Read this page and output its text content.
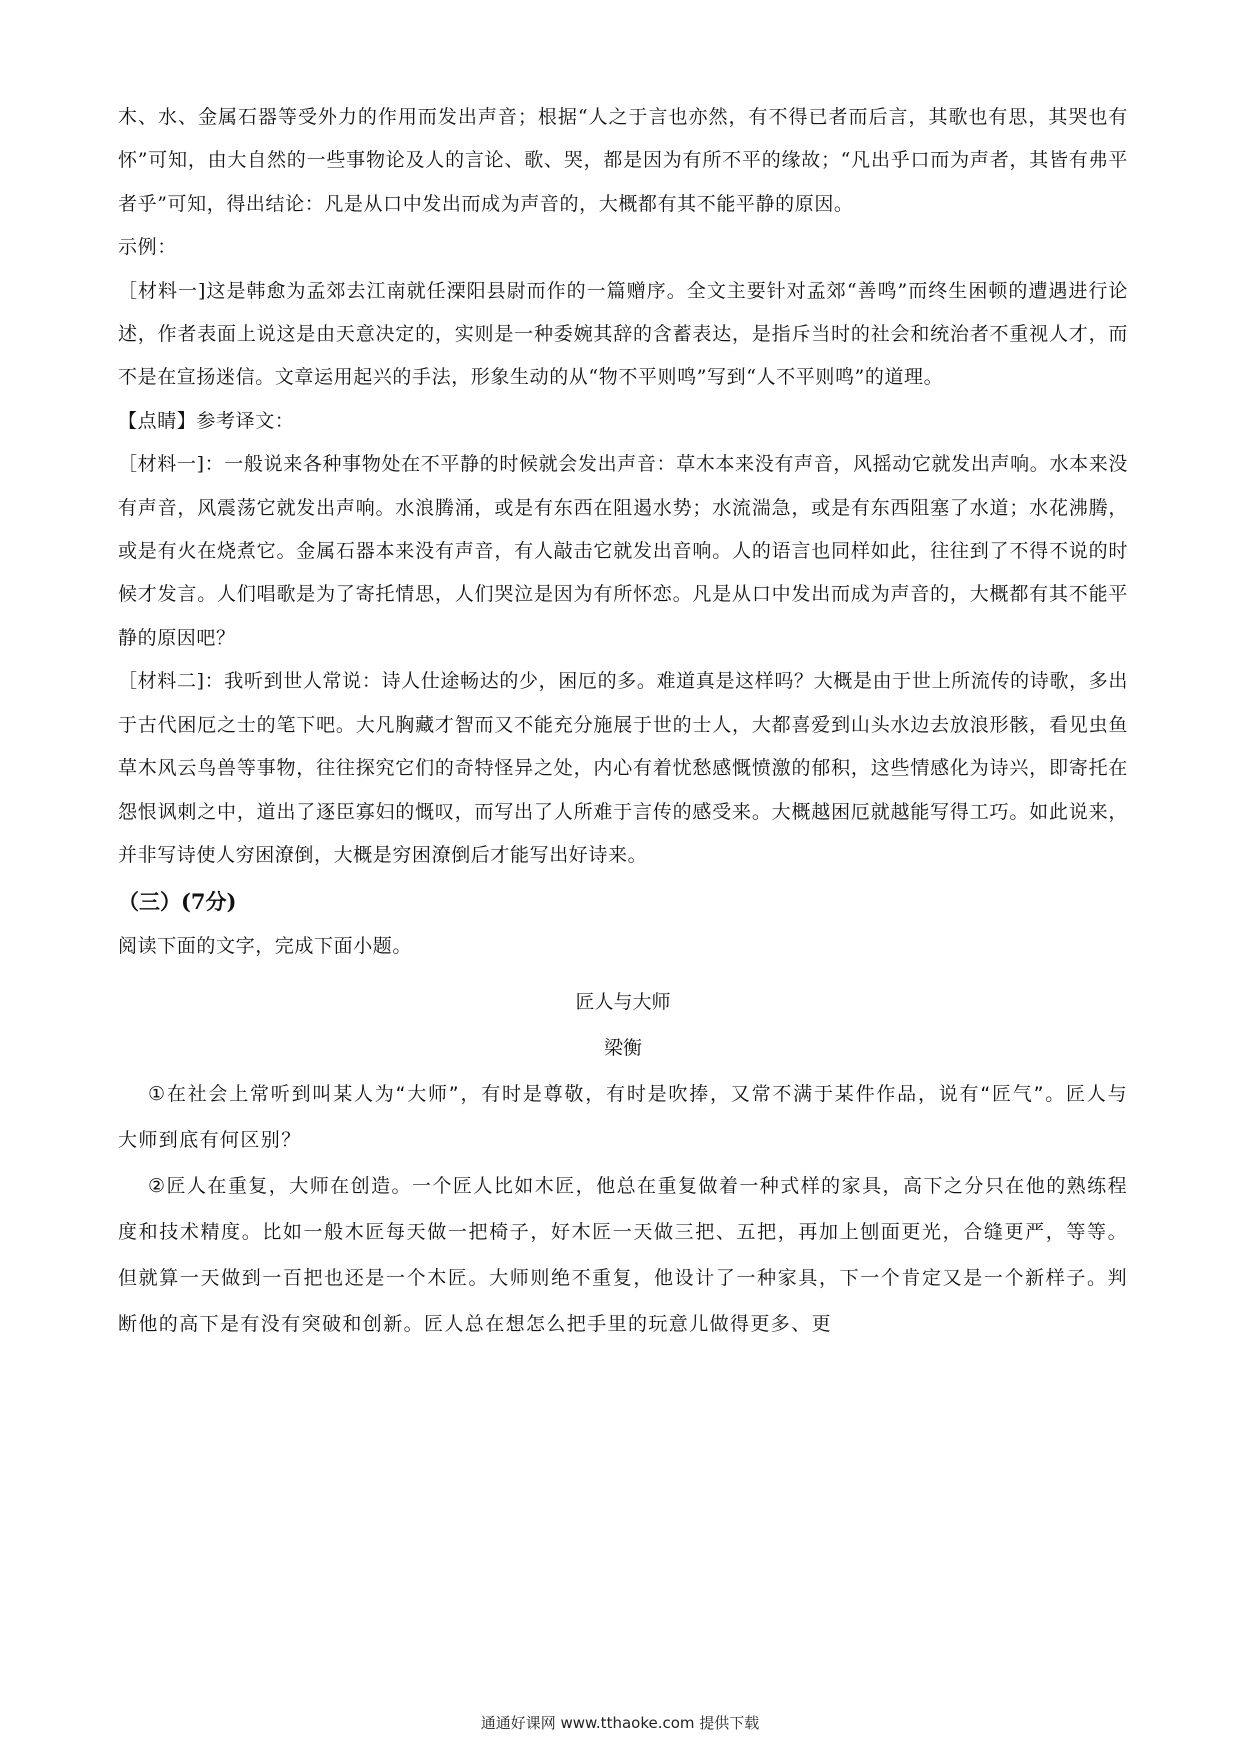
木、水、金属石器等受外力的作用而发出声音；根据“人之于言也亦然，有不得已者而后言，其歌也有思，其哭也有怀”可知，由大自然的一些事物论及人的言论、歌、哭，都是因为有所不平的缘故；“凡出乎口而为声者，其皆有弗平者乎”可知，得出结论：凡是从口中发出而成为声音的，大概都有其不能平静的原因。

示例：

［材料一]这是韩愈为孟郊去江南就任溧阳县尉而作的一篇赠序。全文主要针对孟郊“善鸣”而终生困顿的遭遇进行论述，作者表面上说这是由天意决定的，实则是一种委婉其辞的含蓄表达，是指斥当时的社会和统治者不重视人才，而不是在宣扬迷信。文章运用起兴的手法，形象生动的从“物不平则鸣”写到“人不平则鸣”的道理。

【点睛】参考译文：

［材料一]：一般说来各种事物处在不平静的时候就会发出声音：草木本来没有声音，风摇动它就发出声响。水本来没有声音，风震荡它就发出声响。水浪腾涌，或是有东西在阻遏水势；水流湍急，或是有东西阻塞了水道；水花沸腾，或是有火在烧煮它。金属石器本来没有声音，有人敲击它就发出音响。人的语言也同样如此，往往到了不得不说的时候才发言。人们唱歌是为了寄托情思，人们哭泣是因为有所怀恋。凡是从口中发出而成为声音的，大概都有其不能平静的原因吧？

［材料二]：我听到世人常说：诗人仕途畅达的少，困厄的多。难道真是这样吗？大概是由于世上所流传的诗歌，多出于古代困厄之士的笔下吧。大凡胸藏才智而又不能充分施展于世的士人，大都喜爱到山头水边去放浪形骸，看见虫鱼草木风云鸟兽等事物，往往探究它们的奇特怪异之处，内心有着忧愁感慨愤激的郁积，这些情感化为诗兴，即寄托在怨恨讽刺之中，道出了逐臣寡妇的慨叹，而写出了人所难于言传的感受来。大概越困厄就越能写得工巧。如此说来，并非写诗使人穷困潦倒，大概是穷困潦倒后才能写出好诗来。

（三）(7分)

阅读下面的文字，完成下面小题。

匠人与大师

梁衡

①在社会上常听到叫某人为“大师”，有时是尊敬，有时是吹捧，又常不满于某件作品，说有“匠气”。匠人与大师到底有何区别？

②匠人在重复，大师在创造。一个匠人比如木匠，他总在重复做着一种式样的家具，高下之分只在他的熟练程度和技术精度。比如一般木匠每天做一把椅子，好木匠一天做三把、五把，再加上刨面更光，合缝更严，等等。但就算一天做到一百把也还是一个木匠。大师则绝不重复，他设计了一种家具，下一个肯定又是一个新样子。判断他的高下是有没有突破和创新。匠人总在想怎么把手里的玩意儿做得更多、更

通通好课网 www.tthaoke.com 提供下载
